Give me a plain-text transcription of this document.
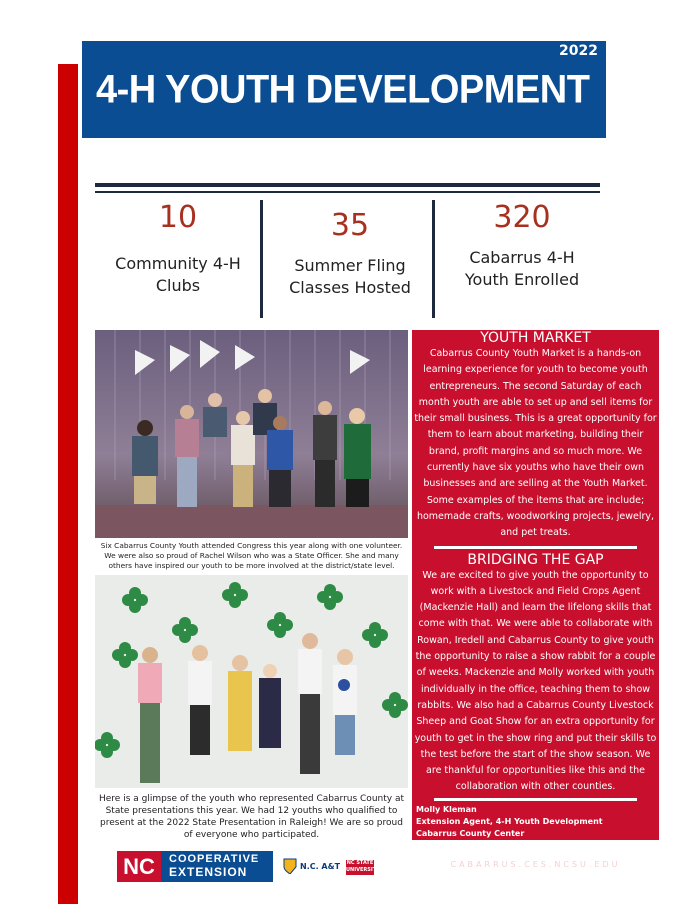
2022
4-H YOUTH DEVELOPMENT
10
Community 4-H
Clubs
35
Summer Fling
Classes Hosted
320
Cabarrus 4-H
Youth Enrolled
Six Cabarrus County Youth attended Congress this year along with one volunteer. We were also so proud of Rachel Wilson who was a State Officer. She and many others have inspired our youth to be more involved at the district/state level.
Here is a glimpse of the youth who represented Cabarrus County at State presentations this year. We had 12 youths who qualified to present at the 2022 State Presentation in Raleigh! We are so proud of everyone who participated.
YOUTH MARKET

Cabarrus County Youth Market is a hands-on learning experience for youth to become youth entrepreneurs. The second Saturday of each month youth are able to set up and sell items for their small business. This is a great opportunity for them to learn about marketing, building their brand, profit margins and so much more. We currently have six youths who have their own businesses and are selling at the Youth Market. Some examples of the items that are include; homemade crafts, woodworking projects, jewelry, and pet treats.

BRIDGING THE GAP

We are excited to give youth the opportunity to work with a Livestock and Field Crops Agent (Mackenzie Hall) and learn the lifelong skills that come with that. We were able to collaborate with Rowan, Iredell and Cabarrus County to give youth the opportunity to raise a show rabbit for a couple of weeks. Mackenzie and Molly worked with youth individually in the office, teaching them to show rabbits. We also had a Cabarrus County Livestock Sheep and Goat Show for an extra opportunity for youth to get in the show ring and put their skills to the test before the start of the show season. We are thankful for opportunities like this and the collaboration with other counties.

Molly Kleman
Extension Agent, 4-H Youth Development
Cabarrus County Center
molly_kleman@ncsu.edu
CABARRUS.CES.NCSU.EDU
NC	COOPERATIVE
EXTENSION	N.C. A&T NC STATE
UNIVERSITY
